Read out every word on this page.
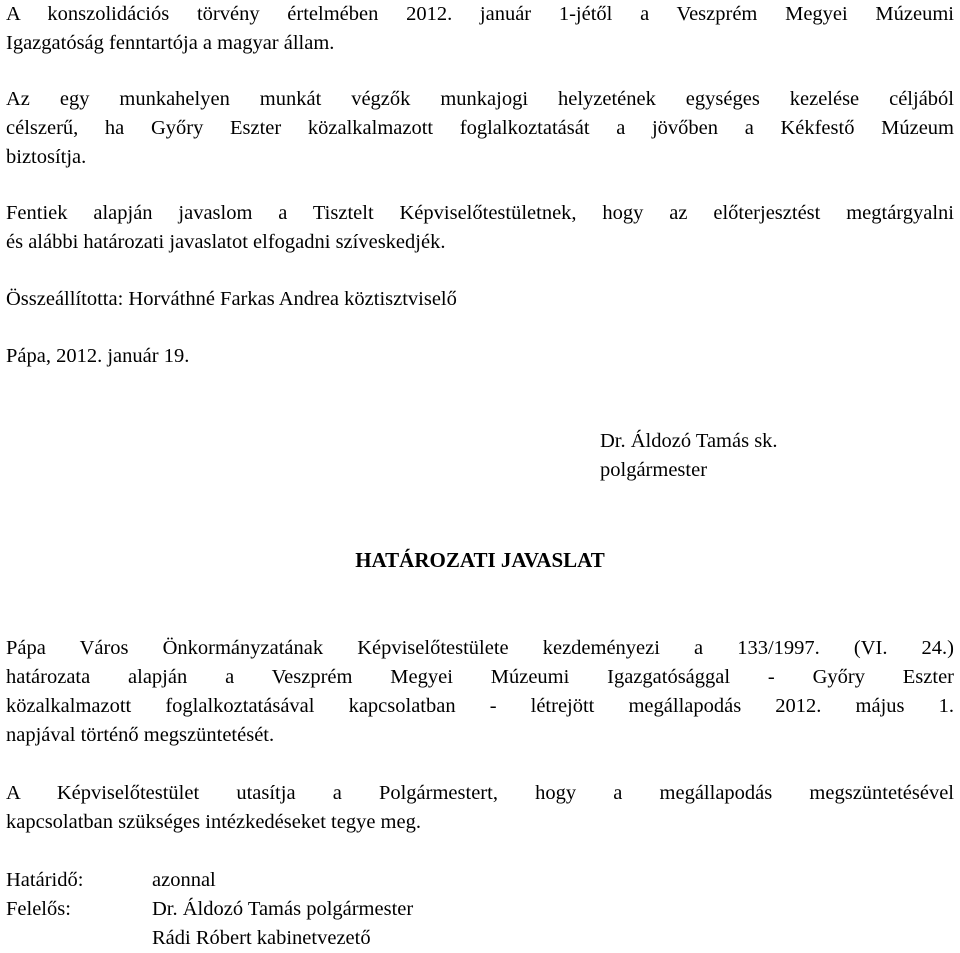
A konszolidációs törvény értelmében 2012. január 1-jétől a Veszprém Megyei Múzeumi
Igazgatóság fenntartója a magyar állam.
Az egy munkahelyen munkát végzők munkajogi helyzetének egységes kezelése céljából
célszerű, ha Győry Eszter közalkalmazott foglalkoztatását a jövőben a Kékfestő Múzeum
biztosítja.
Fentiek alapján javaslom a Tisztelt Képviselőtestületnek, hogy az előterjesztést megtárgyalni
és alábbi határozati javaslatot elfogadni szíveskedjék.
Összeállította: Horváthné Farkas Andrea köztisztviselő
Pápa, 2012. január 19.
Dr. Áldozó Tamás sk.
polgármester
HATÁROZATI JAVASLAT
Pápa Város Önkormányzatának Képviselőtestülete kezdeményezi a 133/1997. (VI. 24.)
határozata alapján a Veszprém Megyei Múzeumi Igazgatósággal - Győry Eszter
közalkalmazott foglalkoztatásával kapcsolatban - létrejött megállapodás 2012. május 1.
napjával történő megszüntetését.
A Képviselőtestület utasítja a Polgármestert, hogy a megállapodás megszüntetésével
kapcsolatban szükséges intézkedéseket tegye meg.
Határidő:	azonnal
Felelős:	Dr. Áldozó Tamás polgármester
Rádi Róbert kabinetvezető
